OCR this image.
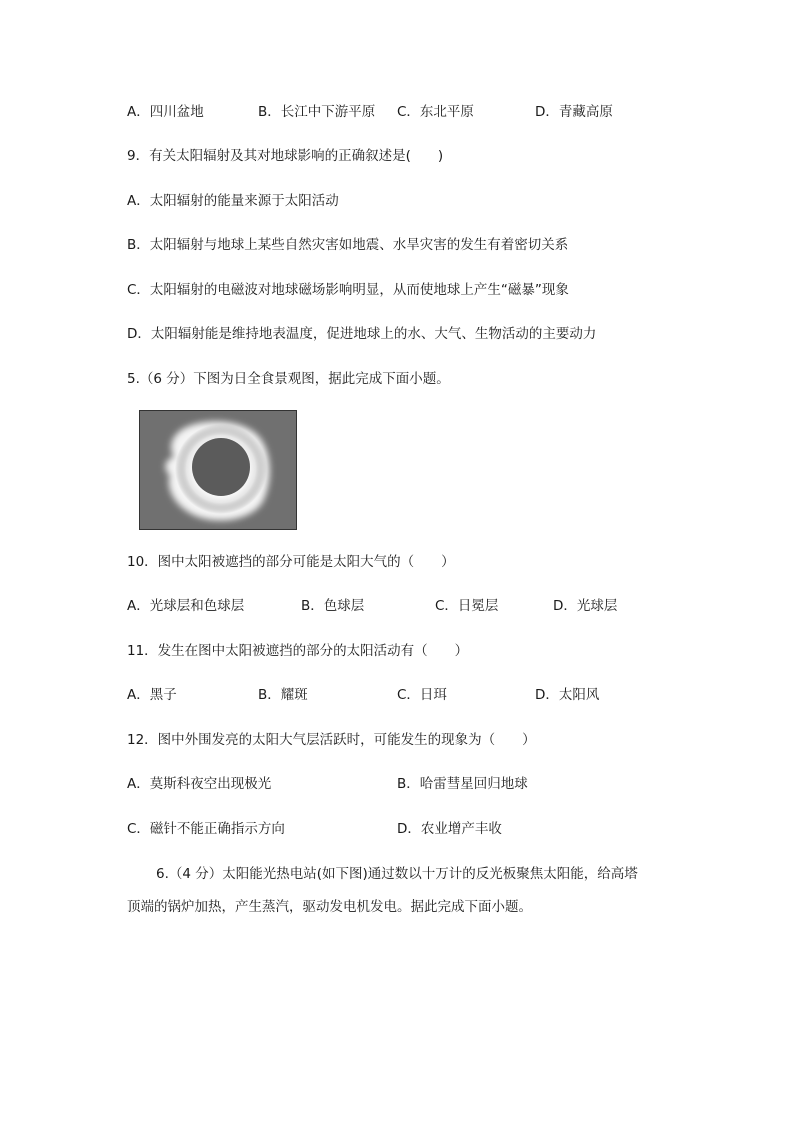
A．四川盆地	B．长江中下游平原 C．东北平原	D．青藏高原
9．有关太阳辐射及其对地球影响的正确叙述是(　　)
A．太阳辐射的能量来源于太阳活动
B．太阳辐射与地球上某些自然灾害如地震、水旱灾害的发生有着密切关系
C．太阳辐射的电磁波对地球磁场影响明显，从而使地球上产生“磁暴”现象
D．太阳辐射能是维持地表温度，促进地球上的水、大气、生物活动的主要动力
5.（6 分）下图为日全食景观图，据此完成下面小题。
10．图中太阳被遮挡的部分可能是太阳大气的（　　）
A．光球层和色球层	B．色球层	C．日冕层	D．光球层
11．发生在图中太阳被遮挡的部分的太阳活动有（　　）
A．黑子	B．耀斑	C．日珥	D．太阳风
12．图中外围发亮的太阳大气层活跃时，可能发生的现象为（　　）
A．莫斯科夜空出现极光	B．哈雷彗星回归地球
C．磁针不能正确指示方向	D．农业增产丰收
6.（4 分）太阳能光热电站(如下图)通过数以十万计的反光板聚焦太阳能，给高塔
顶端的锅炉加热，产生蒸汽，驱动发电机发电。据此完成下面小题。
